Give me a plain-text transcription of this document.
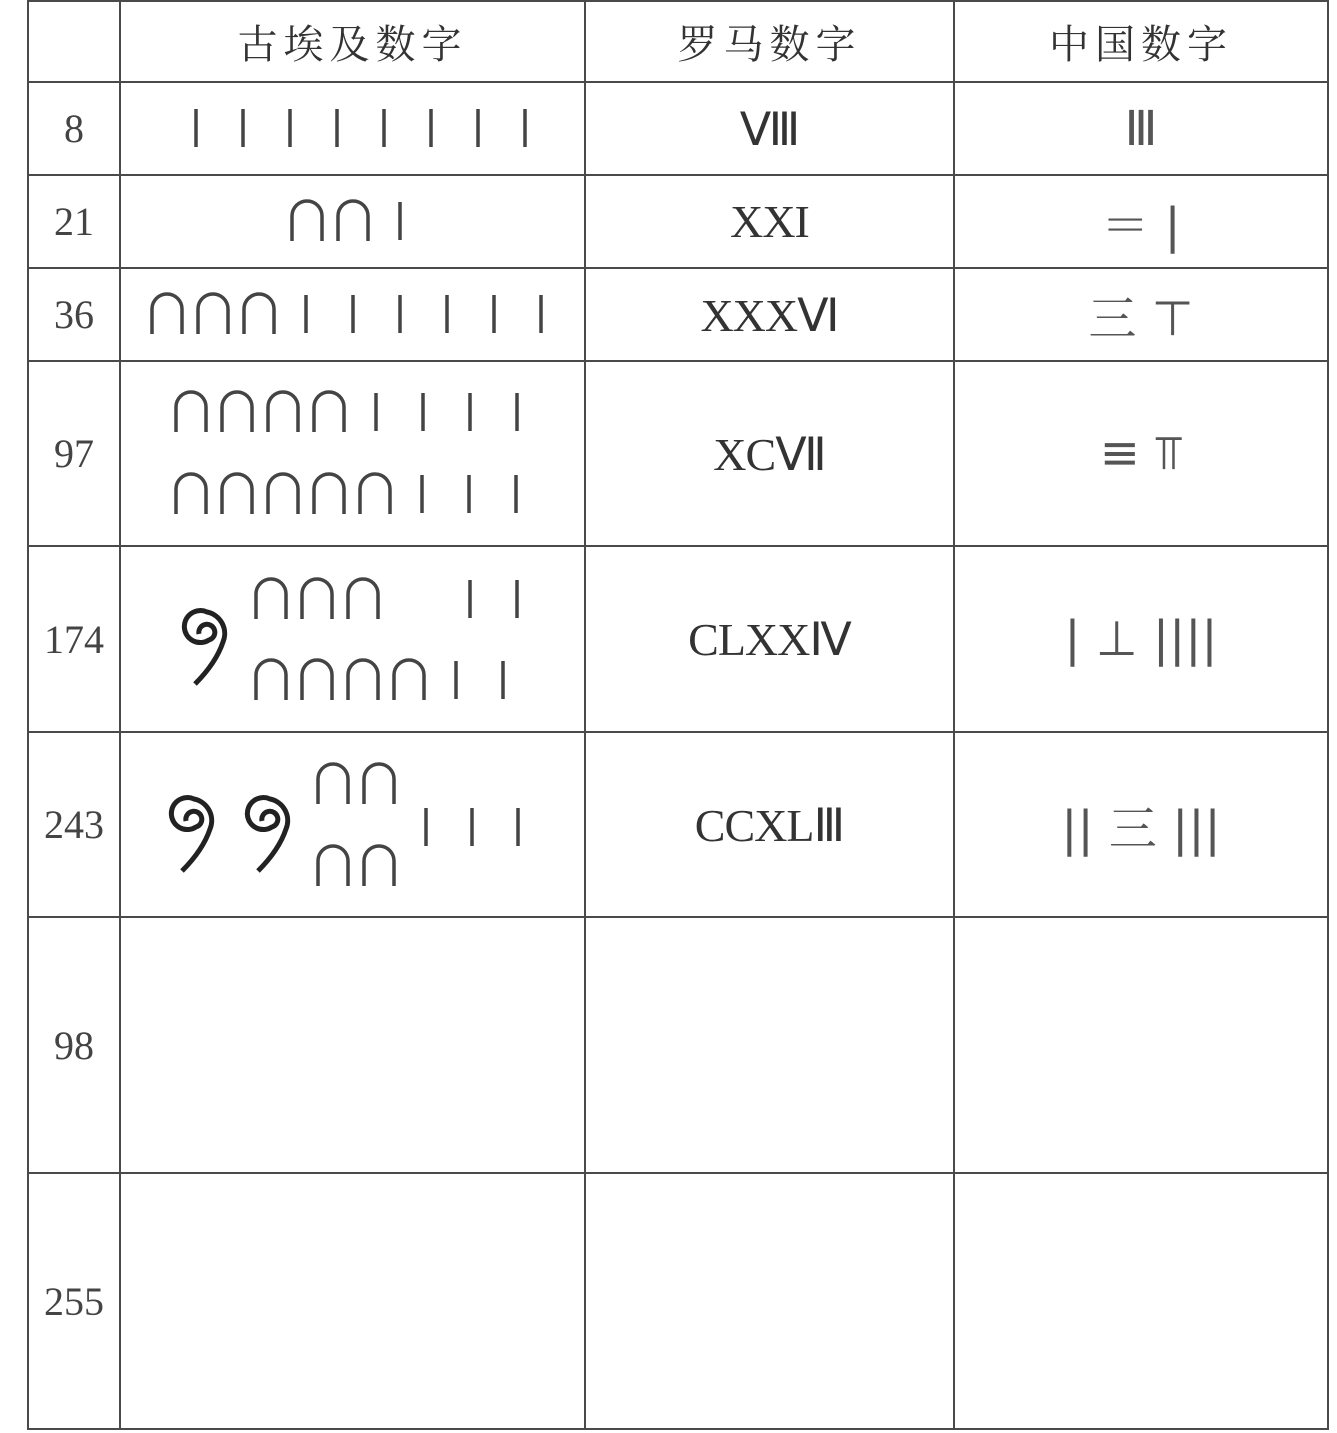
古埃及数字	罗马数字	中国数字
8
21
36
97
174
243
98
255
Ⅷ
XXI
XXXⅥ
XCⅦ
CLXXⅣ
CCXLⅢ
Ⅲ
＝ |
三 ⊤
≡ ⫪
| ⊥ ||||
|| 三 |||
